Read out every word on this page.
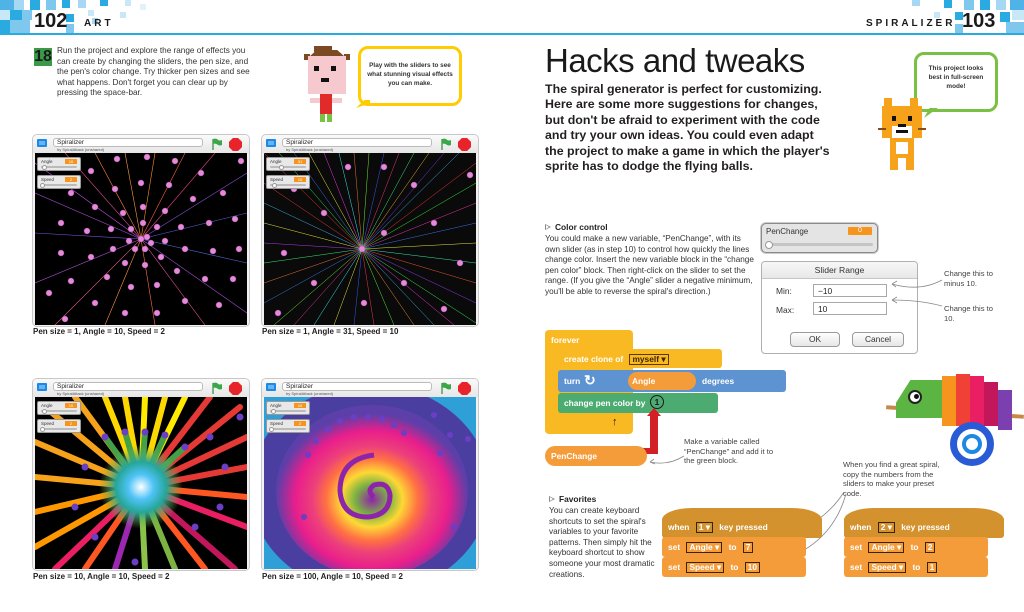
102 ART	SPIRALIZER 103
18 Run the project and explore the range of effects you can create by changing the sliders, the pen size, and the pen's color change. Try thicker pen sizes and see what happens. Don't forget you can clear up by pressing the space-bar.
Play with the sliders to see what stunning visual effects you can make.
Spiralizer
by SpiralAttack (unshared)
Angle	10
Speed	2
Pen size = 1, Angle = 10, Speed = 2
Spiralizer
by SpiralAttack (unshared)
Angle	31
Speed	10
Pen size = 1, Angle = 31, Speed = 10
Spiralizer
by SpiralAttack (unshared)
Angle	10
Speed	2
Pen size = 10, Angle = 10, Speed = 2
Spiralizer
by SpiralAttack (unshared)
Angle	10
Speed	2
Pen size = 100, Angle = 10, Speed = 2
Hacks and tweaks
The spiral generator is perfect for customizing. Here are some more suggestions for changes, but don't be afraid to experiment with the code and try your own ideas. You could even adapt the project to make a game in which the player's sprite has to dodge the flying balls.
This project looks best in full-screen mode!
Color control
You could make a new variable, “PenChange”, with its own slider (as in step 10) to control how quickly the lines change color. Insert the new variable block in the “change pen color” block. Then right-click on the slider to set the range. (If you give the “Angle” slider a negative minimum, you'll be able to reverse the spiral's direction.)
PenChange	0
Slider Range
Min:
−10
Max:
10
OK	Cancel
Change this to minus 10.
Change this to 10.
forever
create clone of myself ▾
turn ↻	Angle	degrees
change pen color by	1
↑
PenChange
Make a variable called “PenChange” and add it to the green block.
Favorites
You can create keyboard shortcuts to set the spiral's variables to your favorite patterns. Then simply hit the keyboard shortcut to show someone your most dramatic creations.
When you find a great spiral, copy the numbers from the sliders to make your preset code.
when 1 ▾ key pressed
set Angle ▾ to 7
set Speed ▾ to 10
when 2 ▾ key pressed
set Angle ▾ to 2
set Speed ▾ to 1
